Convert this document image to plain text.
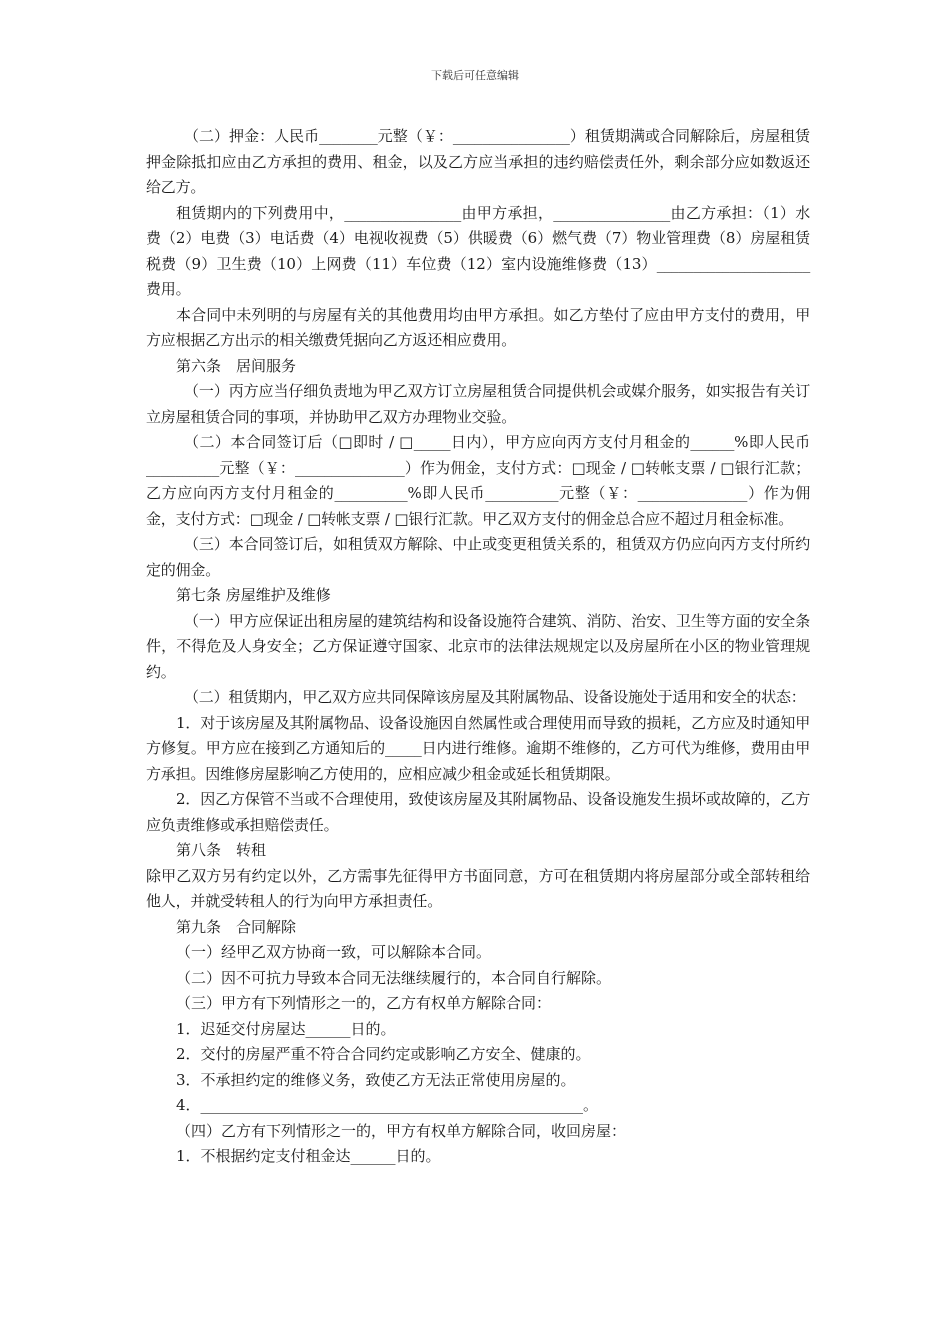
下载后可任意编辑

（二）押金：人民币________元整（￥：________________）租赁期满或合同解除后，房屋租赁押金除抵扣应由乙方承担的费用、租金，以及乙方应当承担的违约赔偿责任外，剩余部分应如数返还给乙方。

租赁期内的下列费用中，________________由甲方承担，________________由乙方承担：（1）水费（2）电费（3）电话费（4）电视收视费（5）供暖费（6）燃气费（7）物业管理费（8）房屋租赁税费（9）卫生费（10）上网费（11）车位费（12）室内设施维修费（13）_____________________费用。

本合同中未列明的与房屋有关的其他费用均由甲方承担。如乙方垫付了应由甲方支付的费用，甲方应根据乙方出示的相关缴费凭据向乙方返还相应费用。

第六条　居间服务

（一）丙方应当仔细负责地为甲乙双方订立房屋租赁合同提供机会或媒介服务，如实报告有关订立房屋租赁合同的事项，并协助甲乙双方办理物业交验。

（二）本合同签订后（□即时 / □_____日内），甲方应向丙方支付月租金的______%即人民币__________元整（￥：_______________）作为佣金，支付方式：□现金 / □转帐支票 / □银行汇款；乙方应向丙方支付月租金的__________%即人民币__________元整（￥：_______________）作为佣金，支付方式：□现金 / □转帐支票 / □银行汇款。甲乙双方支付的佣金总合应不超过月租金标准。

（三）本合同签订后，如租赁双方解除、中止或变更租赁关系的，租赁双方仍应向丙方支付所约定的佣金。

第七条 房屋维护及维修

（一）甲方应保证出租房屋的建筑结构和设备设施符合建筑、消防、治安、卫生等方面的安全条件，不得危及人身安全；乙方保证遵守国家、北京市的法律法规规定以及房屋所在小区的物业管理规约。

（二）租赁期内，甲乙双方应共同保障该房屋及其附属物品、设备设施处于适用和安全的状态：

1．对于该房屋及其附属物品、设备设施因自然属性或合理使用而导致的损耗，乙方应及时通知甲方修复。甲方应在接到乙方通知后的_____日内进行维修。逾期不维修的，乙方可代为维修，费用由甲方承担。因维修房屋影响乙方使用的，应相应减少租金或延长租赁期限。

2．因乙方保管不当或不合理使用，致使该房屋及其附属物品、设备设施发生损坏或故障的，乙方应负责维修或承担赔偿责任。

第八条　转租

除甲乙双方另有约定以外，乙方需事先征得甲方书面同意，方可在租赁期内将房屋部分或全部转租给他人，并就受转租人的行为向甲方承担责任。

第九条　合同解除

（一）经甲乙双方协商一致，可以解除本合同。

（二）因不可抗力导致本合同无法继续履行的，本合同自行解除。

（三）甲方有下列情形之一的，乙方有权单方解除合同：

1．迟延交付房屋达______日的。

2．交付的房屋严重不符合合同约定或影响乙方安全、健康的。

3．不承担约定的维修义务，致使乙方无法正常使用房屋的。

4．___________________________________________________。

（四）乙方有下列情形之一的，甲方有权单方解除合同，收回房屋：

1．不根据约定支付租金达______日的。
